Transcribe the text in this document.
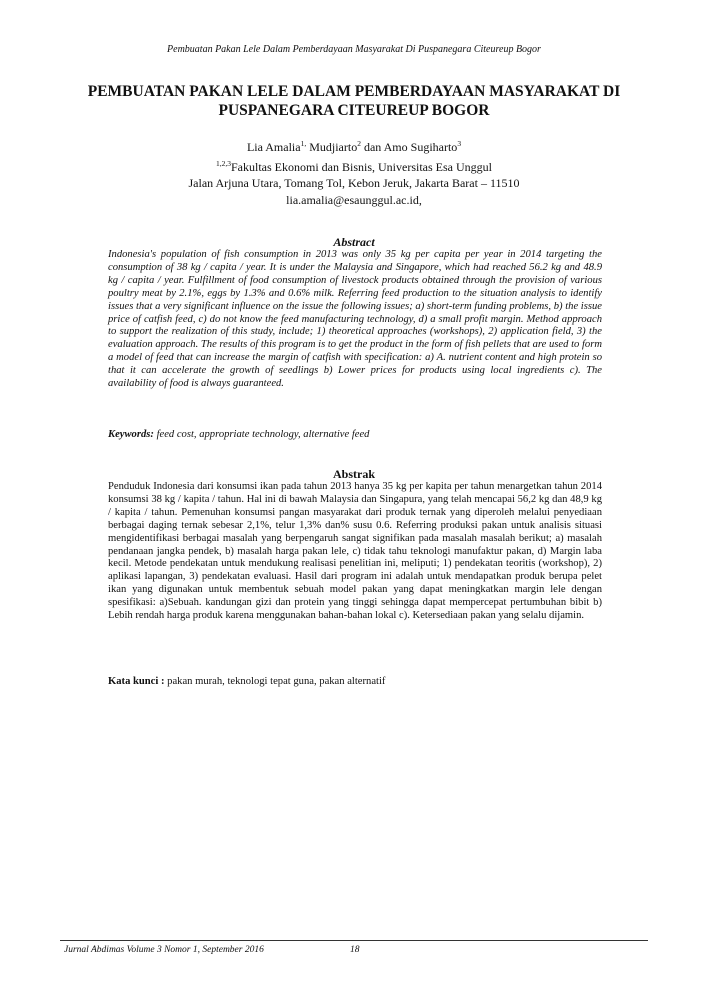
Pembuatan Pakan Lele Dalam Pemberdayaan Masyarakat Di Puspanegara Citeureup Bogor
PEMBUATAN PAKAN LELE DALAM PEMBERDAYAAN MASYARAKAT DI PUSPANEGARA CITEUREUP BOGOR
Lia Amalia$^{1,}$ Mudjiarto$^2$ dan Amo Sugiharto$^3$
$^{1,2,3}$Fakultas Ekonomi dan Bisnis, Universitas Esa Unggul
Jalan Arjuna Utara, Tomang Tol, Kebon Jeruk, Jakarta Barat – 11510
lia.amalia@esaunggul.ac.id,
Abstract

Indonesia's population of fish consumption in 2013 was only 35 kg per capita per year in 2014 targeting the consumption of 38 kg / capita / year. It is under the Malaysia and Singapore, which had reached 56.2 kg and 48.9 kg / capita / year. Fulfillment of food consumption of livestock products obtained through the provision of various poultry meat by 2.1%, eggs by 1.3% and 0.6% milk. Referring feed production to the situation analysis to identify issues that a very significant influence on the issue the following issues; a) short-term funding problems, b) the issue price of catfish feed, c) do not know the feed manufacturing technology, d) a small profit margin. Method approach to support the realization of this study, include; 1) theoretical approaches (workshops), 2) application field, 3) the evaluation approach. The results of this program is to get the product in the form of fish pellets that are used to form a model of feed that can increase the margin of catfish with specification: a) A. nutrient content and high protein so that it can accelerate the growth of seedlings b) Lower prices for products using local ingredients c). The availability of food is always guaranteed.

Keywords: feed cost, appropriate technology, alternative feed
Abstrak

Penduduk Indonesia dari konsumsi ikan pada tahun 2013 hanya 35 kg per kapita per tahun menargetkan tahun 2014 konsumsi 38 kg / kapita / tahun. Hal ini di bawah Malaysia dan Singapura, yang telah mencapai 56,2 kg dan 48,9 kg / kapita / tahun. Pemenuhan konsumsi pangan masyarakat dari produk ternak yang diperoleh melalui penyediaan berbagai daging ternak sebesar 2,1%, telur 1,3% dan% susu 0.6. Referring produksi pakan untuk analisis situasi mengidentifikasi berbagai masalah yang berpengaruh sangat signifikan pada masalah masalah berikut; a) masalah pendanaan jangka pendek, b) masalah harga pakan lele, c) tidak tahu teknologi manufaktur pakan, d) Margin laba kecil. Metode pendekatan untuk mendukung realisasi penelitian ini, meliputi; 1) pendekatan teoritis (workshop), 2) aplikasi lapangan, 3) pendekatan evaluasi. Hasil dari program ini adalah untuk mendapatkan produk berupa pelet ikan yang digunakan untuk membentuk sebuah model pakan yang dapat meningkatkan margin lele dengan spesifikasi: a)Sebuah. kandungan gizi dan protein yang tinggi sehingga dapat mempercepat pertumbuhan bibit b) Lebih rendah harga produk karena menggunakan bahan-bahan lokal c). Ketersediaan pakan yang selalu dijamin.

Kata kunci : pakan murah, teknologi tepat guna, pakan alternatif
Jurnal Abdimas Volume 3 Nomor 1, September 2016	18
